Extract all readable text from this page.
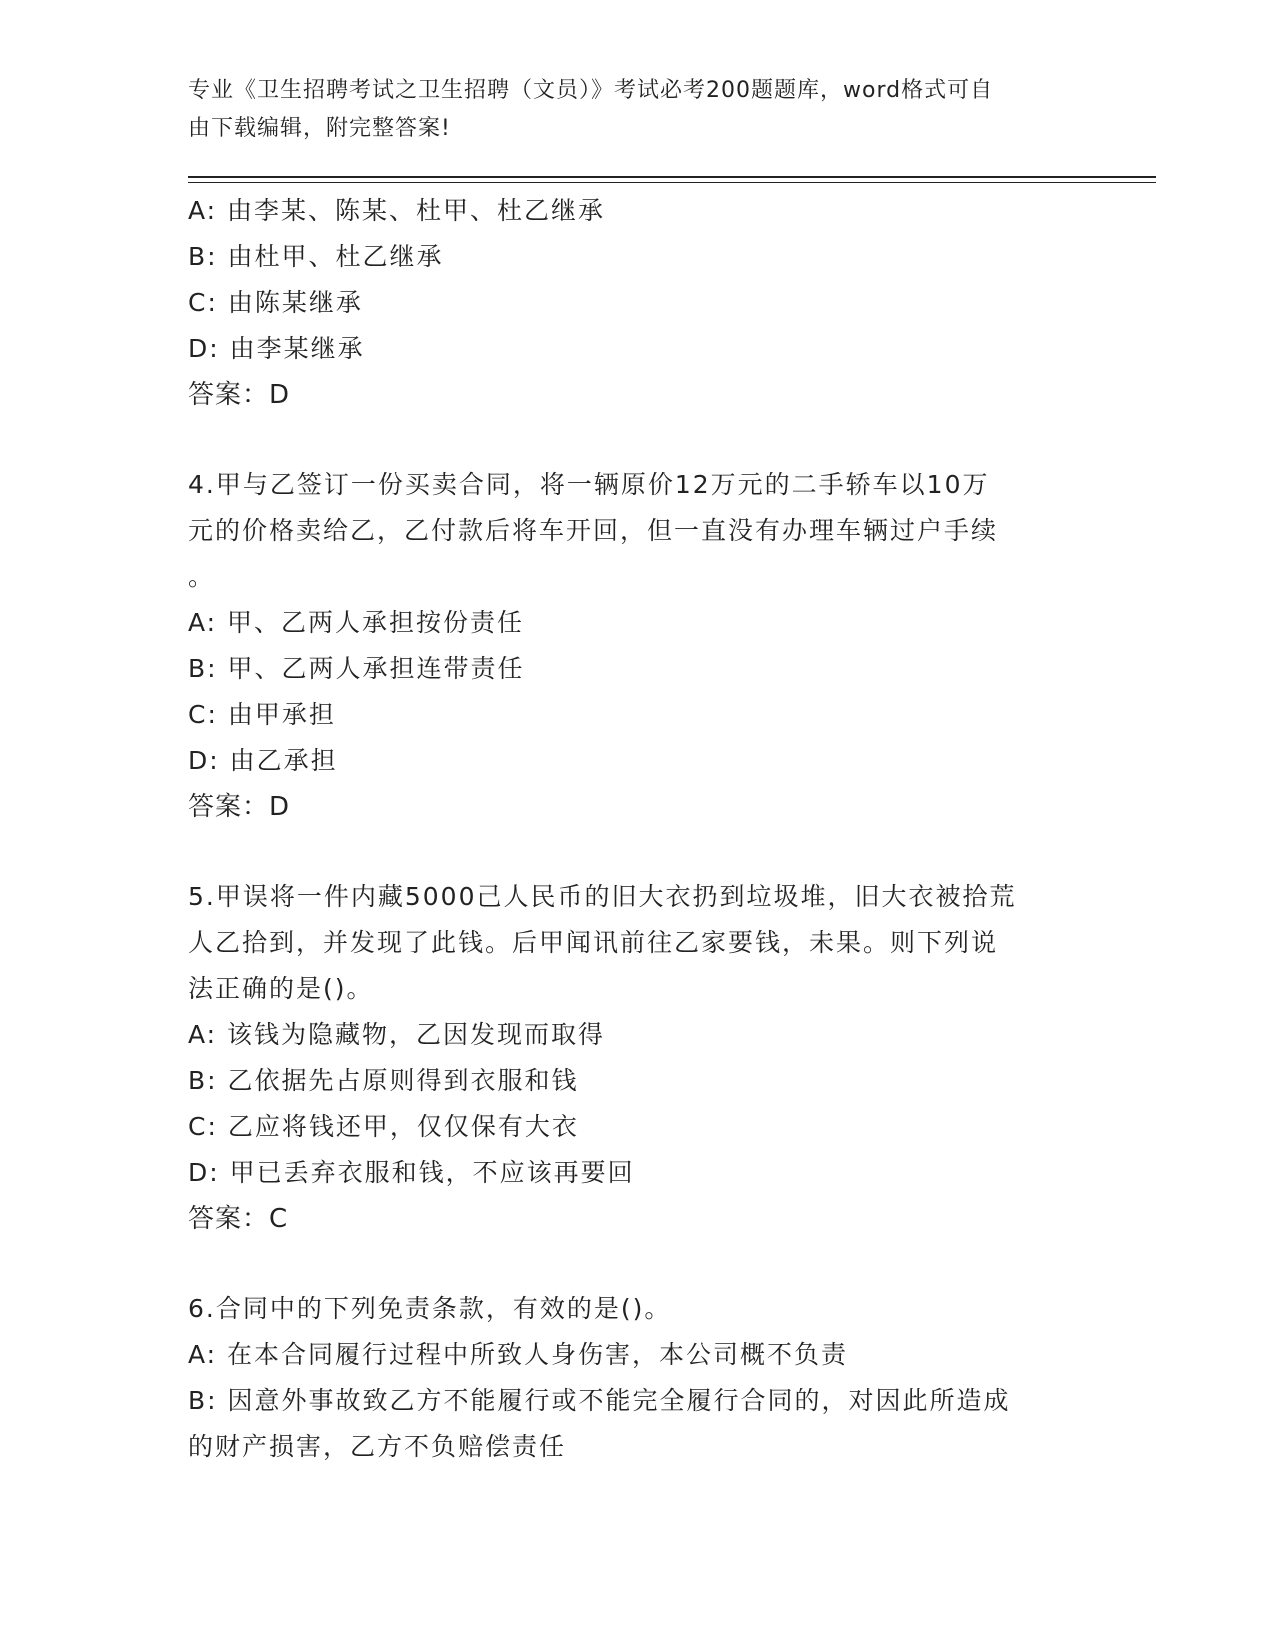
专业《卫生招聘考试之卫生招聘（文员）》考试必考200题题库，word格式可自
由下载编辑，附完整答案!
A: 由李某、陈某、杜甲、杜乙继承
B: 由杜甲、杜乙继承
C: 由陈某继承
D: 由李某继承
答案：D
4.甲与乙签订一份买卖合同，将一辆原价12万元的二手轿车以10万
元的价格卖给乙，乙付款后将车开回，但一直没有办理车辆过户手续
。
A: 甲、乙两人承担按份责任
B: 甲、乙两人承担连带责任
C: 由甲承担
D: 由乙承担
答案：D
5.甲误将一件内藏5000己人民币的旧大衣扔到垃圾堆，旧大衣被拾荒
人乙拾到，并发现了此钱。后甲闻讯前往乙家要钱，未果。则下列说
法正确的是()。
A: 该钱为隐藏物，乙因发现而取得
B: 乙依据先占原则得到衣服和钱
C: 乙应将钱还甲，仅仅保有大衣
D: 甲已丢弃衣服和钱，不应该再要回
答案：C
6.合同中的下列免责条款，有效的是()。
A: 在本合同履行过程中所致人身伤害，本公司概不负责
B: 因意外事故致乙方不能履行或不能完全履行合同的，对因此所造成
的财产损害，乙方不负赔偿责任
